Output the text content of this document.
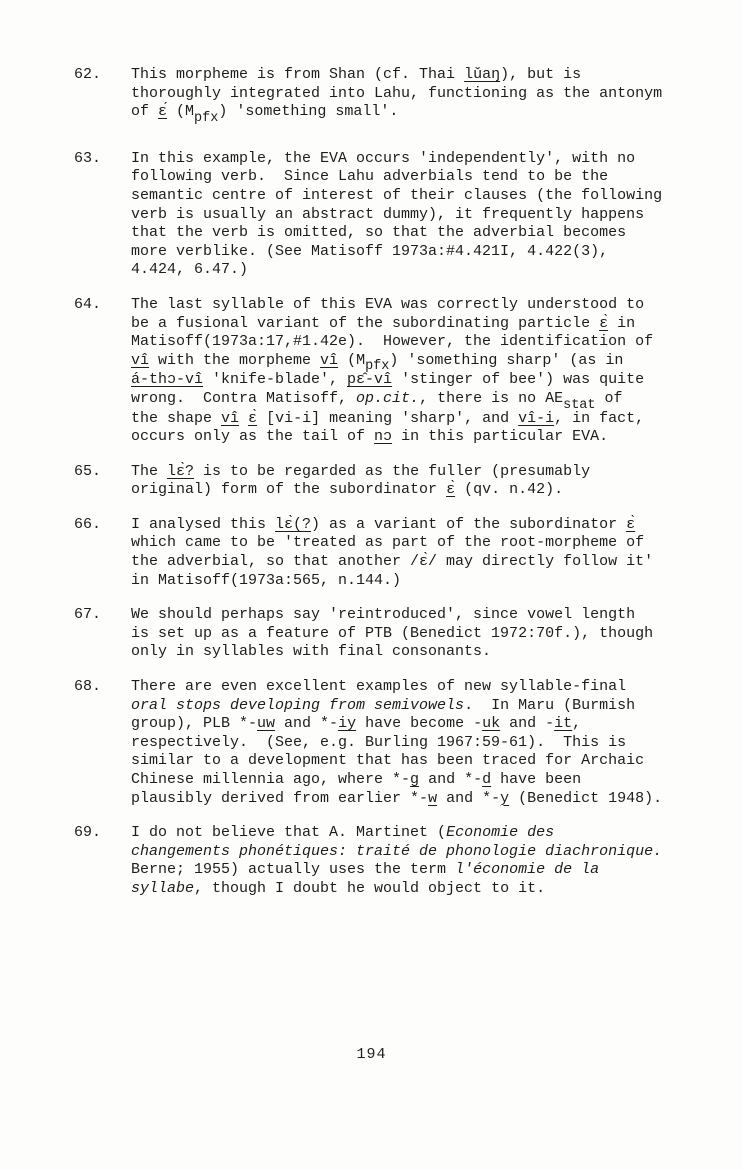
62.	This morpheme is from Shan (cf. Thai lǔaŋ), but is
thoroughly integrated into Lahu, functioning as the antonym
of ɛ́ (Mpfx) 'something small'.
63.	In this example, the EVA occurs 'independently', with no
following verb.  Since Lahu adverbials tend to be the
semantic centre of interest of their clauses (the following
verb is usually an abstract dummy), it frequently happens
that the verb is omitted, so that the adverbial becomes
more verblike. (See Matisoff 1973a:#4.421I, 4.422(3),
4.424, 6.47.)
64.	The last syllable of this EVA was correctly understood to
be a fusional variant of the subordinating particle ɛ̀ in
Matisoff(1973a:17,#1.42e).  However, the identification of
vî with the morpheme vî (Mpfx) 'something sharp' (as in
á-thɔ-vî 'knife-blade', pɛ̂-vî 'stinger of bee') was quite
wrong.  Contra Matisoff, op.cit., there is no AEstat of
the shape vî ɛ̀ [vi-i] meaning 'sharp', and vî-i, in fact,
occurs only as the tail of nɔ in this particular EVA.
65.	The lɛ̀? is to be regarded as the fuller (presumably
original) form of the subordinator ɛ̀ (qv. n.42).
66.	I analysed this lɛ̀(?) as a variant of the subordinator ɛ̀
which came to be 'treated as part of the root-morpheme of
the adverbial, so that another /ɛ̀/ may directly follow it'
in Matisoff(1973a:565, n.144.)
67.	We should perhaps say 'reintroduced', since vowel length
is set up as a feature of PTB (Benedict 1972:70f.), though
only in syllables with final consonants.
68.	There are even excellent examples of new syllable-final
oral stops developing from semivowels.  In Maru (Burmish
group), PLB *-uw and *-iy have become -uk and -it,
respectively.  (See, e.g. Burling 1967:59-61).  This is
similar to a development that has been traced for Archaic
Chinese millennia ago, where *-g and *-d have been
plausibly derived from earlier *-w and *-y (Benedict 1948).
69.	I do not believe that A. Martinet (Economie des
changements phonétiques: traité de phonologie diachronique.
Berne; 1955) actually uses the term l'économie de la
syllabe, though I doubt he would object to it.
194
